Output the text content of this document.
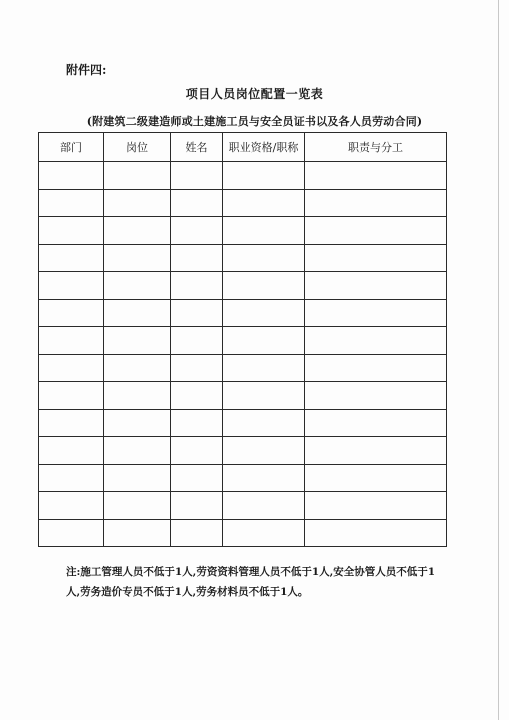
附件四:
项目人员岗位配置一览表
(附建筑二级建造师或土建施工员与安全员证书以及各人员劳动合同)
部门	岗位	姓名	职业资格/职称	职责与分工

注:施工管理人员不低于1人,劳资资料管理人员不低于1人,安全协管人员不低于1人,劳务造价专员不低于1人,劳务材料员不低于1人。
